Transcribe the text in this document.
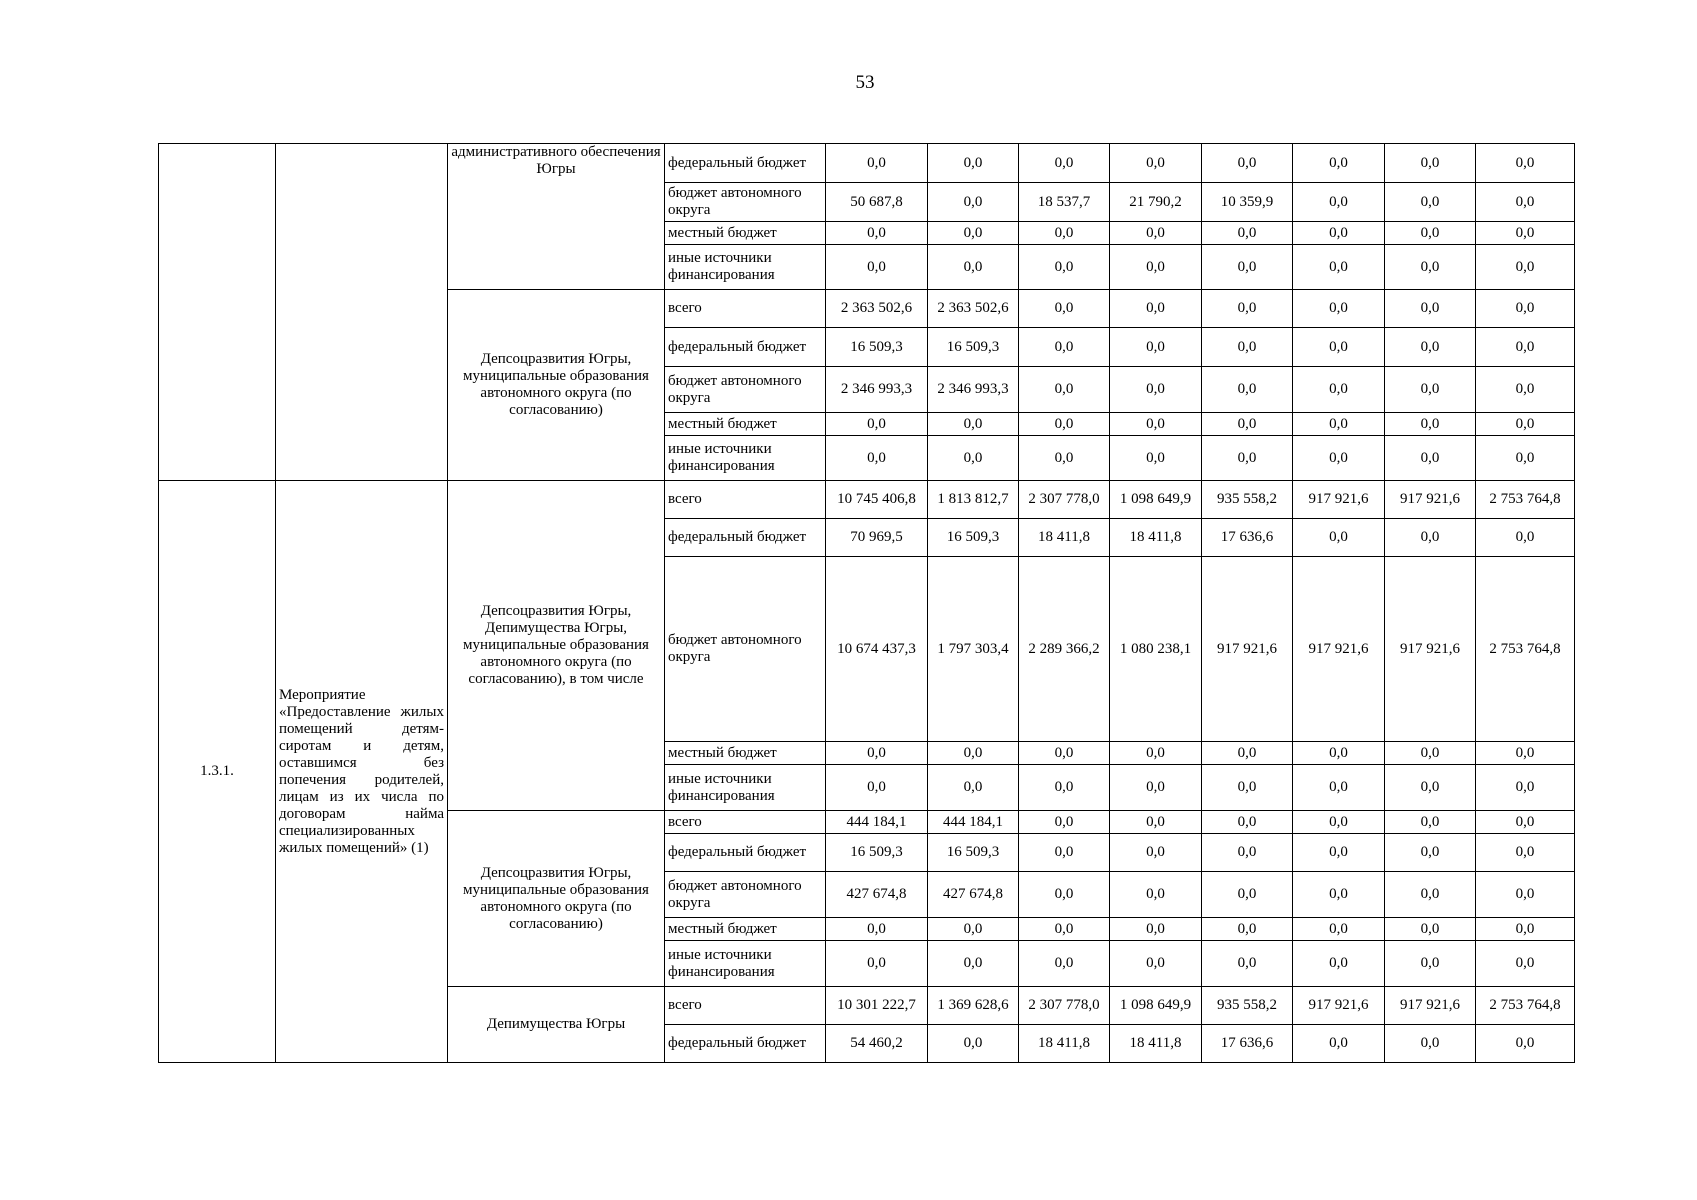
53
		административного обеспечения Югры	федеральный бюджет	0,0	0,0	0,0	0,0	0,0	0,0	0,0	0,0
			бюджет автономного округа	50 687,8	0,0	18 537,7	21 790,2	10 359,9	0,0	0,0	0,0
			местный бюджет	0,0	0,0	0,0	0,0	0,0	0,0	0,0	0,0
			иные источники финансирования	0,0	0,0	0,0	0,0	0,0	0,0	0,0	0,0
		Депсоцразвития Югры, муниципальные образования автономного округа (по согласованию)	всего	2 363 502,6	2 363 502,6	0,0	0,0	0,0	0,0	0,0	0,0
			федеральный бюджет	16 509,3	16 509,3	0,0	0,0	0,0	0,0	0,0	0,0
			бюджет автономного округа	2 346 993,3	2 346 993,3	0,0	0,0	0,0	0,0	0,0	0,0
			местный бюджет	0,0	0,0	0,0	0,0	0,0	0,0	0,0	0,0
			иные источники финансирования	0,0	0,0	0,0	0,0	0,0	0,0	0,0	0,0
1.3.1.	Мероприятие «Предоставление жилых помещений детям-сиротам и детям, оставшимся без попечения родителей, лицам из их числа по договорам найма специализированных жилых помещений» (1)	Депсоцразвития Югры, Депимущества Югры, муниципальные образования автономного округа (по согласованию), в том числе	всего	10 745 406,8	1 813 812,7	2 307 778,0	1 098 649,9	935 558,2	917 921,6	917 921,6	2 753 764,8
			федеральный бюджет	70 969,5	16 509,3	18 411,8	18 411,8	17 636,6	0,0	0,0	0,0
			бюджет автономного округа	10 674 437,3	1 797 303,4	2 289 366,2	1 080 238,1	917 921,6	917 921,6	917 921,6	2 753 764,8
			местный бюджет	0,0	0,0	0,0	0,0	0,0	0,0	0,0	0,0
			иные источники финансирования	0,0	0,0	0,0	0,0	0,0	0,0	0,0	0,0
		Депсоцразвития Югры, муниципальные образования автономного округа (по согласованию)	всего	444 184,1	444 184,1	0,0	0,0	0,0	0,0	0,0	0,0
			федеральный бюджет	16 509,3	16 509,3	0,0	0,0	0,0	0,0	0,0	0,0
			бюджет автономного округа	427 674,8	427 674,8	0,0	0,0	0,0	0,0	0,0	0,0
			местный бюджет	0,0	0,0	0,0	0,0	0,0	0,0	0,0	0,0
			иные источники финансирования	0,0	0,0	0,0	0,0	0,0	0,0	0,0	0,0
		Депимущества Югры	всего	10 301 222,7	1 369 628,6	2 307 778,0	1 098 649,9	935 558,2	917 921,6	917 921,6	2 753 764,8
			федеральный бюджет	54 460,2	0,0	18 411,8	18 411,8	17 636,6	0,0	0,0	0,0
